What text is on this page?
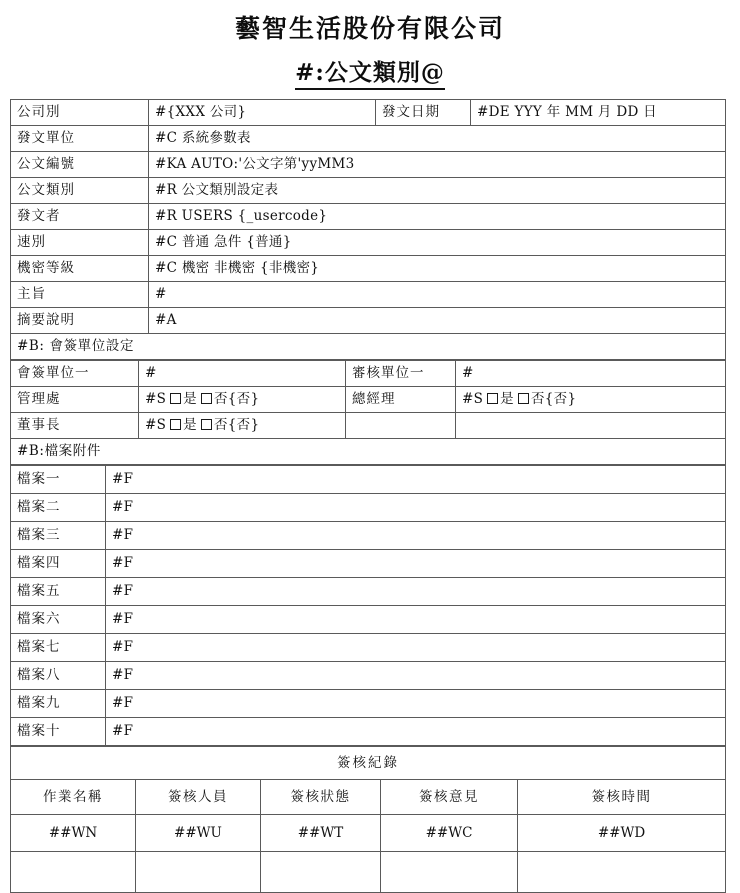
藝智生活股份有限公司
#:公文類別@
公司別	#{XXX 公司}	發文日期	#DE YYY 年 MM 月 DD 日
發文單位	#C 系統參數表		
公文編號	#KA AUTO:'公文字第'yyMM3		
公文類別	#R 公文類別設定表		
發文者	#R USERS {_usercode}		
速別	#C 普通 急件 {普通}		
機密等級	#C 機密 非機密 {非機密}		
主旨	#		
摘要說明	#A		
#B: 會簽單位設定			
會簽單位一	#	審核單位一	#
管理處	#S 是 否{否}	總經理	#S 是 否{否}
董事長	#S 是 否{否}		
#B:檔案附件			
檔案一	#F
檔案二	#F
檔案三	#F
檔案四	#F
檔案五	#F
檔案六	#F
檔案七	#F
檔案八	#F
檔案九	#F
檔案十	#F
簽核紀錄				
作業名稱	簽核人員	簽核狀態	簽核意見	簽核時間
##WN	##WU	##WT	##WC	##WD
